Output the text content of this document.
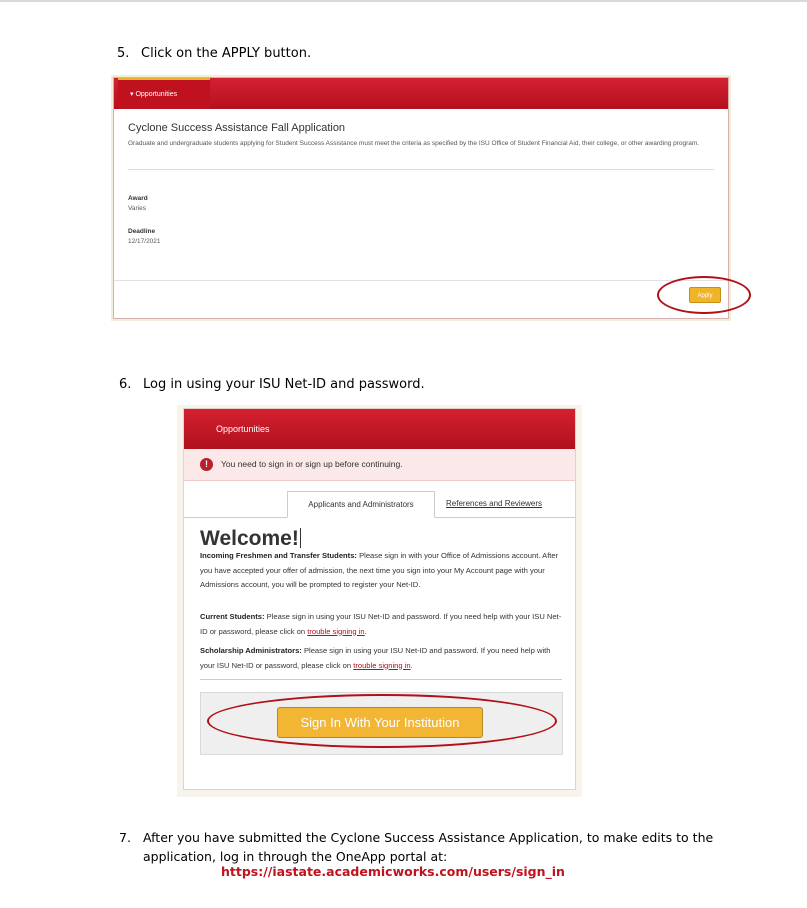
5. Click on the APPLY button.
▾ Opportunities
Cyclone Success Assistance Fall Application
Graduate and undergraduate students applying for Student Success Assistance must meet the criteria as specified by the ISU Office of Student Financial Aid, their college, or other awarding program.
Award
Varies
Deadline
12/17/2021
Apply
6. Log in using your ISU Net-ID and password.
Opportunities
!	You need to sign in or sign up before continuing.
Applicants and Administrators	References and Reviewers
Welcome!
Incoming Freshmen and Transfer Students: Please sign in with your Office of Admissions account. After you have accepted your offer of admission, the next time you sign into your My Account page with your Admissions account, you will be prompted to register your Net-ID.
Current Students: Please sign in using your ISU Net-ID and password. If you need help with your ISU Net-ID or password, please click on trouble signing in.
Scholarship Administrators: Please sign in using your ISU Net-ID and password. If you need help with your ISU Net-ID or password, please click on trouble signing in.
Sign In With Your Institution
7. After you have submitted the Cyclone Success Assistance Application, to make edits to the application, log in through the OneApp portal at:
https://iastate.academicworks.com/users/sign_in
